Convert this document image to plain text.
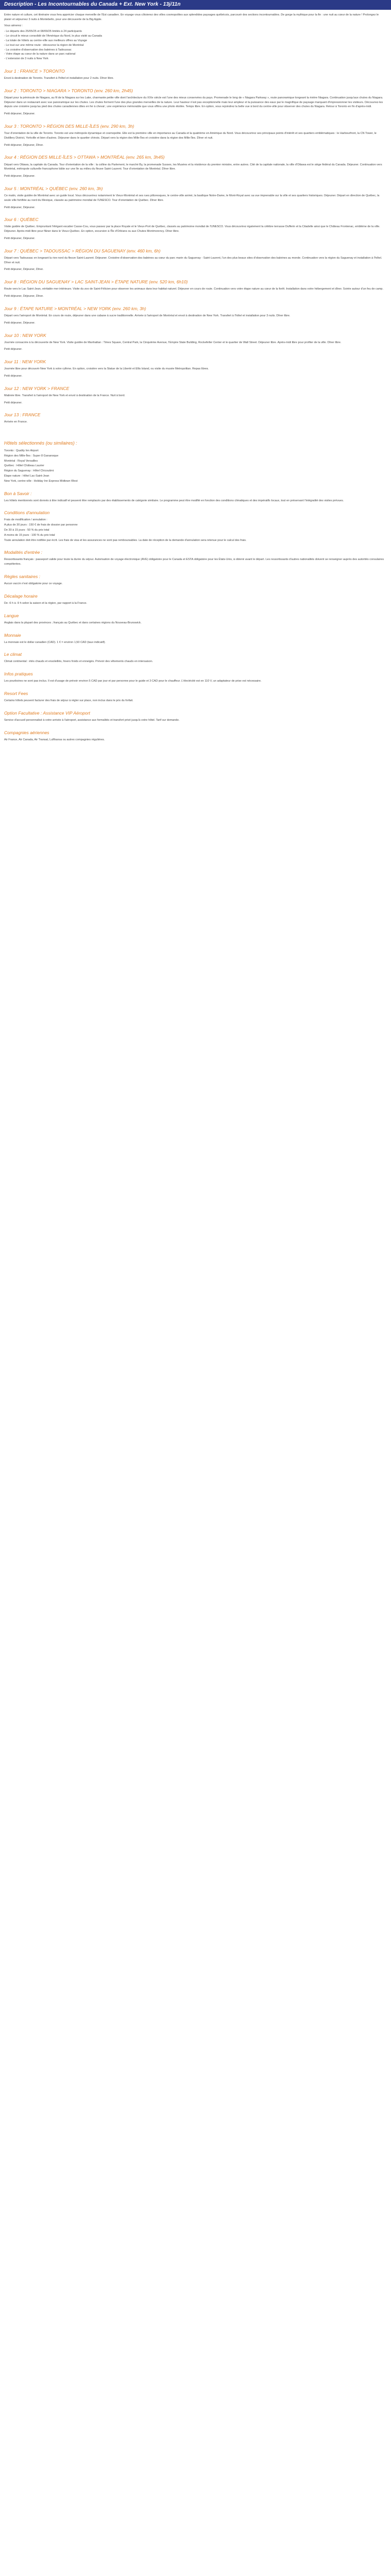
Description - Les Incontournables du Canada + Ext. New York - 13j/11n

Entre nature et culture, cet itinéraire vous fera apprécier chaque merveille de l'Est canadien. En voyage vous côtoierez des villes cosmopolites aux splendides paysages québécois, parcourir des sections incontournables. De gorge la mythique pour la fin : une nuit au cœur de la nature ! Prolongez le plaisir et séjournez 3 nuits à Montebello, pour une découverte de la Big Apple.

Vous aimerez :

- Le départs des 25/05/25 et 08/09/25 limités à 24 participants
- Le circuit le mieux consolidé de l'Amérique du Nord, le plus visité au Canada
- La totale de hôtels au centre-ville aux meilleurs offres au Voyage
- Le tout sur une même route : découvrez la région de Montréal
- La croisière d'observation des baleines à Tadoussac
- Votre étape au cœur de la nature dans un parc national
- L'extension de 3 nuits à New York
Jour 1 : FRANCE > TORONTO

Envol à destination de Toronto. Transfert à l'hôtel et installation pour 2 nuits. Dîner libre.

Jour 2 : TORONTO > NIAGARA > TORONTO (env. 260 km, 2h45)

Départ pour la péninsule de Niagara, au fil de la Niagara sur les Lake, charmante petite ville dont l'architecture du XIXe siècle est l'une des mieux conservées du pays. Promenade le long de « Niagara Parkway », route panoramique longeant la rivière Niagara. Continuation jusqu'aux chutes du Niagara. Déjeuner dans un restaurant avec vue panoramique sur les chutes. Les chutes forment l'une des plus grandes merveilles de la nature. Leur hauteur n'est pas exceptionnelle mais leur ampleur et la puissance des eaux par le magnifique de paysage marquant d'impressionner les visiteurs. Découvrez-les depuis une croisière jusqu'au pied des chutes canadiennes dites en fer à cheval ; une expérience mémorable que vous offrira une photo étoilée. Temps libre. En option, vous rejoindrez la belle vue à bord du centre-ville pour observer des chutes du Niagara. Retour à Toronto en fin d'après-midi.

Petit déjeuner, Déjeuner.

Jour 3 : TORONTO > RÉGION DES MILLE-ÎLES (env. 290 km, 3h)

Tour d'orientation de la ville de Toronto. Toronto est une métropole dynamique et cosmopolite. Elle est la première ville en importance au Canada et la quatrième en Amérique du Nord. Vous découvrirez ses principaux points d'intérêt et ses quartiers emblématiques : le Harbourfront, la CN Tower, le Distillery District, Yorkville et bien d'autres. Déjeuner dans le quartier chinois. Départ vers la région des Mille-Îles et croisière dans la région des Mille-Îles. Dîner et nuit.

Petit déjeuner, Déjeuner, Dîner.

Jour 4 : RÉGION DES MILLE-ÎLES > OTTAWA > MONTRÉAL (env. 265 km, 3h45)

Départ vers Ottawa, la capitale du Canada. Tour d'orientation de la ville : la colline du Parlement, le marché By, la promenade Sussex, les Musées et la résidence du premier ministre, entre autres. Cité de la capitale nationale, la ville d'Ottawa est le siège fédéral du Canada. Déjeuner. Continuation vers Montréal, métropole culturelle francophone bâtie sur une île au milieu du fleuve Saint-Laurent. Tour d'orientation de Montréal. Dîner libre.

Petit déjeuner, Déjeuner.

Jour 5 : MONTRÉAL > QUÉBEC (env. 260 km, 3h)

Ce matin, visite guidée de Montréal avec un guide local. Vous découvrirez notamment le Vieux-Montréal et ses rues pittoresques, le centre-ville animé, la basilique Notre-Dame, le Mont-Royal avec sa vue imprenable sur la ville et ses quartiers historiques. Déjeuner. Départ en direction de Québec, la seule ville fortifiée au nord du Mexique, classée au patrimoine mondial de l'UNESCO. Tour d'orientation de Québec. Dîner libre.

Petit déjeuner, Déjeuner.

Jour 6 : QUÉBEC

Visite guidée de Québec. Empruntant l'élégant escalier Casse-Cou, vous passez par la place Royale et le Vieux-Port de Québec, classés au patrimoine mondial de l'UNESCO. Vous découvrirez également la célèbre terrasse Dufferin et la Citadelle ainsi que le Château Frontenac, emblème de la ville. Déjeuner. Après-midi libre pour flâner dans le Vieux-Québec. En option, excursion à l'Île d'Orléans ou aux Chutes Montmorency. Dîner libre.

Petit déjeuner, Déjeuner.

Jour 7 : QUÉBEC > TADOUSSAC > RÉGION DU SAGUENAY (env. 460 km, 6h)

Départ vers Tadoussac en longeant la rive nord du fleuve Saint-Laurent. Déjeuner. Croisière d'observation des baleines au cœur du parc marin du Saguenay - Saint-Laurent, l'un des plus beaux sites d'observation des baleines au monde. Continuation vers la région du Saguenay et installation à l'hôtel. Dîner et nuit.

Petit déjeuner, Déjeuner, Dîner.

Jour 8 : RÉGION DU SAGUENAY > LAC SAINT-JEAN > ÉTAPE NATURE (env. 520 km, 6h10)

Route vers le Lac Saint-Jean, véritable mer intérieure. Visite du zoo de Saint-Félicien pour observer les animaux dans leur habitat naturel. Déjeuner en cours de route. Continuation vers votre étape nature au cœur de la forêt. Installation dans votre hébergement et dîner. Soirée autour d'un feu de camp.

Petit déjeuner, Déjeuner, Dîner.

Jour 9 : ÉTAPE NATURE > MONTRÉAL > NEW YORK (env. 260 km, 3h)

Départ vers l'aéroport de Montréal. En cours de route, déjeuner dans une cabane à sucre traditionnelle. Arrivée à l'aéroport de Montréal et envol à destination de New York. Transfert à l'hôtel et installation pour 3 nuits. Dîner libre.

Petit déjeuner, Déjeuner.

Jour 10 : NEW YORK

Journée consacrée à la découverte de New York. Visite guidée de Manhattan : Times Square, Central Park, la Cinquième Avenue, l'Empire State Building, Rockefeller Center et le quartier de Wall Street. Déjeuner libre. Après-midi libre pour profiter de la ville. Dîner libre.

Petit déjeuner.

Jour 11 : NEW YORK

Journée libre pour découvrir New York à votre rythme. En option, croisière vers la Statue de la Liberté et Ellis Island, ou visite du musée Metropolitan. Repas libres.

Petit déjeuner.

Jour 12 : NEW YORK > FRANCE

Matinée libre. Transfert à l'aéroport de New York et envol à destination de la France. Nuit à bord.

Petit déjeuner.

Jour 13 : FRANCE

Arrivée en France.

Hôtels sélectionnés (ou similaires) :
Toronto : Quality Inn Airport
Région des Mille-Îles : Super 8 Gananoque
Montréal : Royal Versailles
Québec : Hôtel Château Laurier
Région du Saguenay : Hôtel Chicoutimi
Étape nature : Hôtel Lac-Saint-Jean
New York, centre-ville : Holiday Inn Express Midtown West
Bon à Savoir :

Les hôtels mentionnés sont donnés à titre indicatif et peuvent être remplacés par des établissements de catégorie similaire. Le programme peut être modifié en fonction des conditions climatiques et des impératifs locaux, tout en préservant l'intégralité des visites prévues.

Conditions d'annulation
Frais de modification / annulation :
A plus de 30 jours : 150 € de frais de dossier par personne
De 30 à 15 jours : 50 % du prix total
A moins de 15 jours : 100 % du prix total

Toute annulation doit être notifiée par écrit. Les frais de visa et les assurances ne sont pas remboursables. La date de réception de la demande d'annulation sera retenue pour le calcul des frais.

Modalités d'entrée :

Ressortissants français : passeport valide pour toute la durée du séjour. Autorisation de voyage électronique (AVE) obligatoire pour le Canada et ESTA obligatoire pour les États-Unis, à obtenir avant le départ. Les ressortissants d'autres nationalités doivent se renseigner auprès des autorités consulaires compétentes.

Règles sanitaires :

Aucun vaccin n'est obligatoire pour ce voyage.

Décalage horaire

De -6 h à -9 h selon la saison et la région, par rapport à la France.

Langue

Anglais dans la plupart des provinces ; français au Québec et dans certaines régions du Nouveau-Brunswick.

Monnaie

La monnaie est le dollar canadien (CAD). 1 € = environ 1,50 CAD (taux indicatif).

Le climat

Climat continental : étés chauds et ensoleillés, hivers froids et enneigés. Prévoir des vêtements chauds en intersaison.

Infos pratiques

Les pourboires ne sont pas inclus. Il est d'usage de prévoir environ 5 CAD par jour et par personne pour le guide et 3 CAD pour le chauffeur. L'électricité est en 110 V, un adaptateur de prise est nécessaire.

Resort Fees

Certains hôtels peuvent facturer des frais de séjour à régler sur place, non inclus dans le prix du forfait.

Option Facultative : Assistance VIP Aéroport

Service d'accueil personnalisé à votre arrivée à l'aéroport, assistance aux formalités et transfert privé jusqu'à votre hôtel. Tarif sur demande.

Compagnies aériennes

Air France, Air Canada, Air Transat, Lufthansa ou autres compagnies régulières.
